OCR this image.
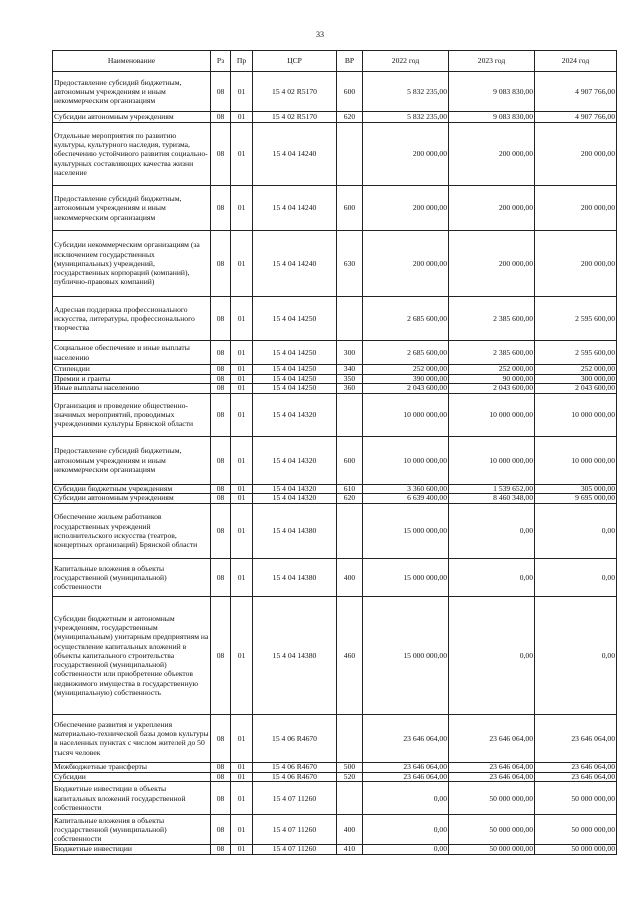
33
Наименование	Рз	Пр	ЦСР	ВР	2022 год	2023 год	2024 год
Предоставление субсидий бюджетным, автономным учреждениям и иным некоммерческим организациям	08	01	15 4 02 R5170	600	5 832 235,00	9 083 830,00	4 907 766,00
Субсидии автономным учреждениям	08	01	15 4 02 R5170	620	5 832 235,00	9 083 830,00	4 907 766,00
Отдельные мероприятия по развитию культуры, культурного наследия, туризма, обеспечению устойчивого развития социально-культурных составляющих качества жизни население	08	01	15 4 04 14240		200 000,00	200 000,00	200 000,00
Предоставление субсидий бюджетным, автономным учреждениям и иным некоммерческим организациям	08	01	15 4 04 14240	600	200 000,00	200 000,00	200 000,00
Субсидии некоммерческим организациям (за исключением государственных (муниципальных) учреждений, государственных корпораций (компаний), публично-правовых компаний)	08	01	15 4 04 14240	630	200 000,00	200 000,00	200 000,00
Адресная поддержка профессионального искусства, литературы, профессионального творчества	08	01	15 4 04 14250		2 685 600,00	2 385 600,00	2 595 600,00
Социальное обеспечение и иные выплаты населению	08	01	15 4 04 14250	300	2 685 600,00	2 385 600,00	2 595 600,00
Стипендии	08	01	15 4 04 14250	340	252 000,00	252 000,00	252 000,00
Премии и гранты	08	01	15 4 04 14250	350	390 000,00	90 000,00	300 000,00
Иные выплаты населению	08	01	15 4 04 14250	360	2 043 600,00	2 043 600,00	2 043 600,00
Организация и проведение общественно-значимых мероприятий, проводимых учреждениями культуры Брянской области	08	01	15 4 04 14320		10 000 000,00	10 000 000,00	10 000 000,00
Предоставление субсидий бюджетным, автономным учреждениям и иным некоммерческим организациям	08	01	15 4 04 14320	600	10 000 000,00	10 000 000,00	10 000 000,00
Субсидии бюджетным учреждениям	08	01	15 4 04 14320	610	3 360 600,00	1 539 652,00	305 000,00
Субсидии автономным учреждениям	08	01	15 4 04 14320	620	6 639 400,00	8 460 348,00	9 695 000,00
Обеспечение жильем работников государственных учреждений исполнительского искусства (театров, концертных организаций) Брянской области	08	01	15 4 04 14380		15 000 000,00	0,00	0,00
Капитальные вложения в объекты государственной (муниципальной) собственности	08	01	15 4 04 14380	400	15 000 000,00	0,00	0,00
Субсидии бюджетным и автономным учреждениям, государственным (муниципальным) унитарным предприятиям на осуществление капитальных вложений в объекты капитального строительства государственной (муниципальной) собственности или приобретение объектов недвижимого имущества в государственную (муниципальную) собственность	08	01	15 4 04 14380	460	15 000 000,00	0,00	0,00
Обеспечение развития и укрепления материально-технической базы домов культуры в населенных пунктах с числом жителей до 50 тысяч человек	08	01	15 4 06 R4670		23 646 064,00	23 646 064,00	23 646 064,00
Межбюджетные трансферты	08	01	15 4 06 R4670	500	23 646 064,00	23 646 064,00	23 646 064,00
Субсидии	08	01	15 4 06 R4670	520	23 646 064,00	23 646 064,00	23 646 064,00
Бюджетные инвестиции в объекты капитальных вложений государственной собственности	08	01	15 4 07 11260		0,00	50 000 000,00	50 000 000,00
Капитальные вложения в объекты государственной (муниципальной) собственности	08	01	15 4 07 11260	400	0,00	50 000 000,00	50 000 000,00
Бюджетные инвестиции	08	01	15 4 07 11260	410	0,00	50 000 000,00	50 000 000,00
